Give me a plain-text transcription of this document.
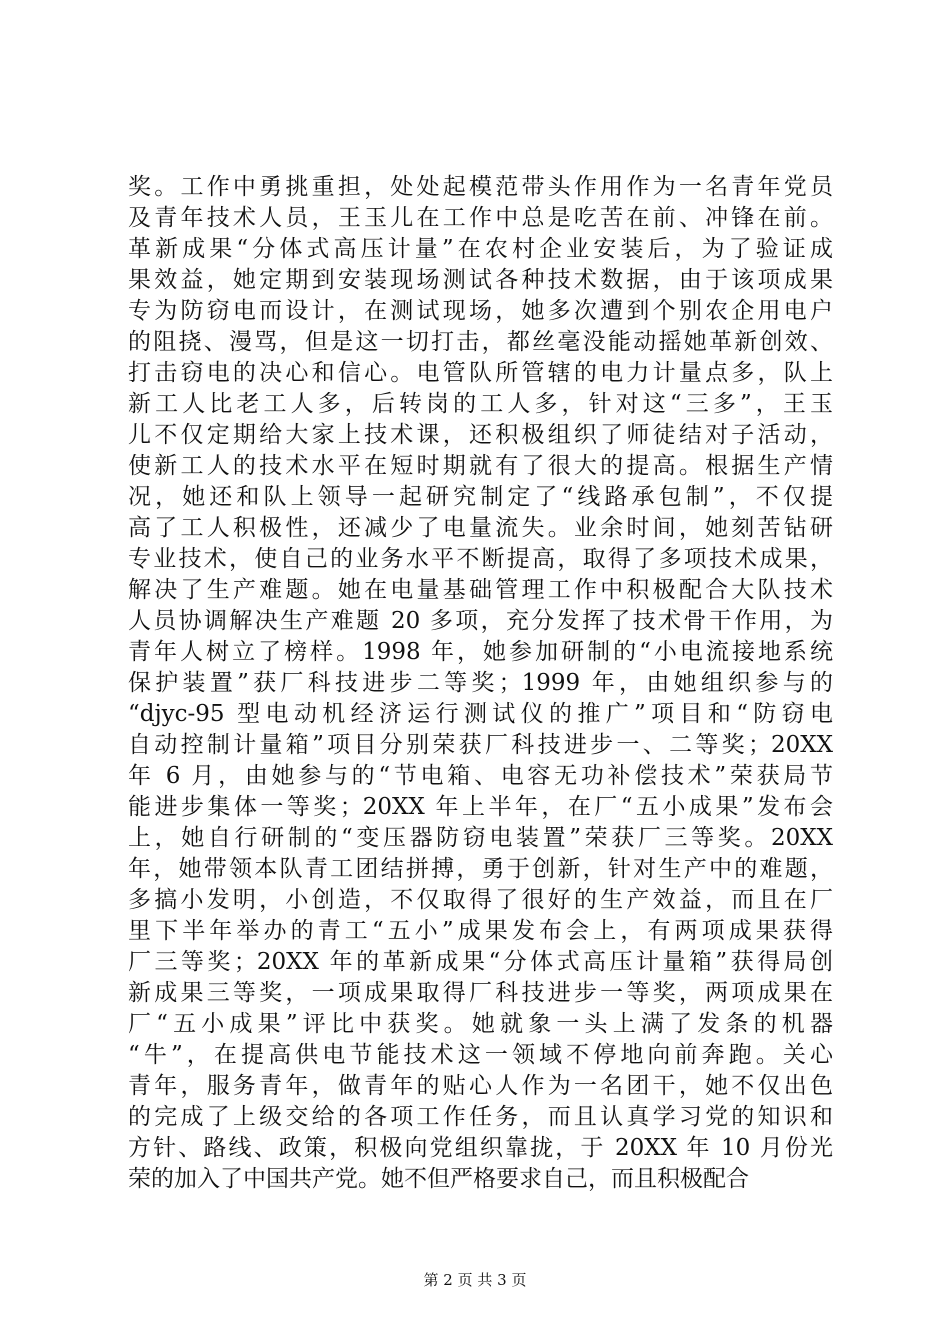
奖。工作中勇挑重担，处处起模范带头作用作为一名青年党员
及青年技术人员，王玉儿在工作中总是吃苦在前、冲锋在前。
革新成果“分体式高压计量”在农村企业安装后，为了验证成
果效益，她定期到安装现场测试各种技术数据，由于该项成果
专为防窃电而设计，在测试现场，她多次遭到个别农企用电户
的阻挠、漫骂，但是这一切打击，都丝毫没能动摇她革新创效、
打击窃电的决心和信心。电管队所管辖的电力计量点多，队上
新工人比老工人多，后转岗的工人多，针对这“三多”，王玉
儿不仅定期给大家上技术课，还积极组织了师徒结对子活动，
使新工人的技术水平在短时期就有了很大的提高。根据生产情
况，她还和队上领导一起研究制定了“线路承包制”，不仅提
高了工人积极性，还减少了电量流失。业余时间，她刻苦钻研
专业技术，使自己的业务水平不断提高，取得了多项技术成果，
解决了生产难题。她在电量基础管理工作中积极配合大队技术
人员协调解决生产难题 20 多项，充分发挥了技术骨干作用，为
青年人树立了榜样。1998 年，她参加研制的“小电流接地系统
保护装置”获厂科技进步二等奖；1999 年，由她组织参与的
“djyc-95 型电动机经济运行测试仪的推广”项目和“防窃电
自动控制计量箱”项目分别荣获厂科技进步一、二等奖；20XX
年 6 月，由她参与的“节电箱、电容无功补偿技术”荣获局节
能进步集体一等奖；20XX 年上半年，在厂“五小成果”发布会
上，她自行研制的“变压器防窃电装置”荣获厂三等奖。20XX
年，她带领本队青工团结拼搏，勇于创新，针对生产中的难题，
多搞小发明，小创造，不仅取得了很好的生产效益，而且在厂
里下半年举办的青工“五小”成果发布会上，有两项成果获得
厂三等奖；20XX 年的革新成果“分体式高压计量箱”获得局创
新成果三等奖，一项成果取得厂科技进步一等奖，两项成果在
厂“五小成果”评比中获奖。她就象一头上满了发条的机器
“牛”，在提高供电节能技术这一领域不停地向前奔跑。关心
青年，服务青年，做青年的贴心人作为一名团干，她不仅出色
的完成了上级交给的各项工作任务，而且认真学习党的知识和
方针、路线、政策，积极向党组织靠拢，于 20XX 年 10 月份光
荣的加入了中国共产党。她不但严格要求自己，而且积极配合
第 2 页 共 3 页
